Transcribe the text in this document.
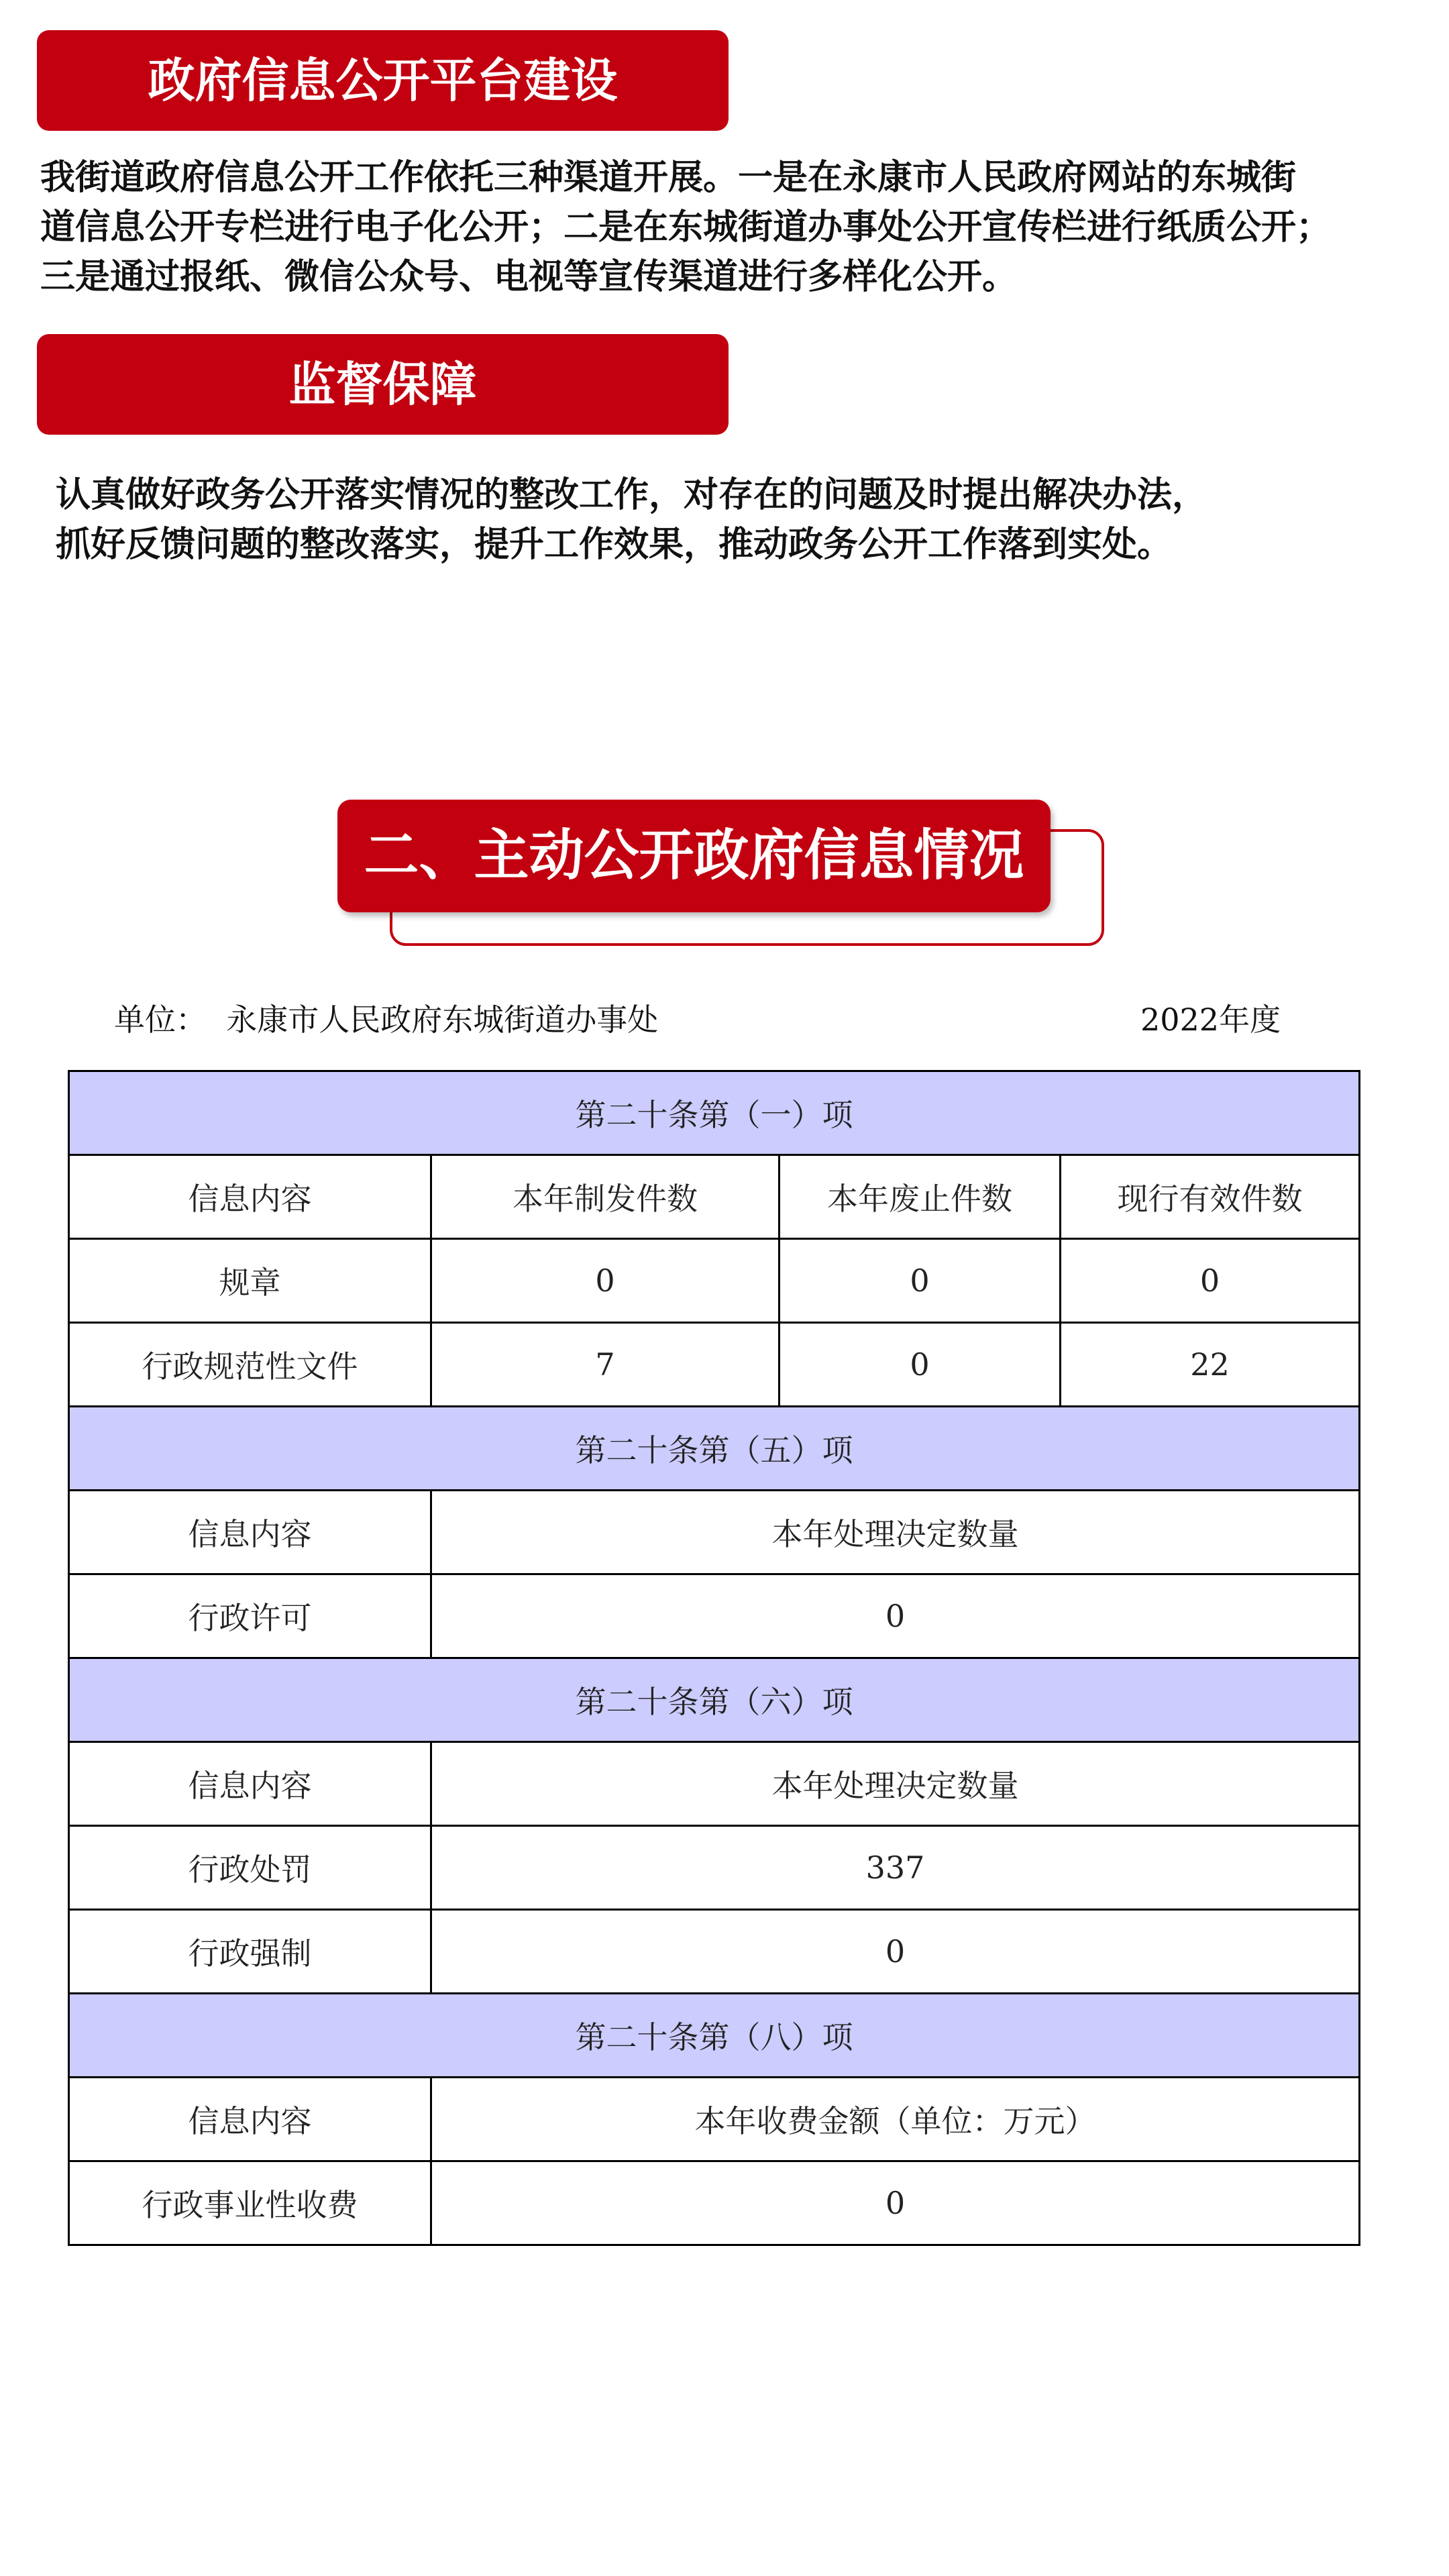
政府信息公开平台建设

我街道政府信息公开工作依托三种渠道开展。一是在永康市人民政府网站的东城街
道信息公开专栏进行电子化公开；二是在东城街道办事处公开宣传栏进行纸质公开；
三是通过报纸、微信公众号、电视等宣传渠道进行多样化公开。

监督保障

认真做好政务公开落实情况的整改工作，对存在的问题及时提出解决办法，
抓好反馈问题的整改落实，提升工作效果，推动政务公开工作落到实处。

二、主动公开政府信息情况
单位：  永康市人民政府东城街道办事处	2022年度
第二十条第（一）项			
信息内容	本年制发件数	本年废止件数	现行有效件数
规章	0	0	0
行政规范性文件	7	0	22
第二十条第（五）项			
信息内容	本年处理决定数量		
行政许可	0		
第二十条第（六）项			
信息内容	本年处理决定数量		
行政处罚	337		
行政强制	0		
第二十条第（八）项			
信息内容	本年收费金额（单位：万元）		
行政事业性收费	0		
